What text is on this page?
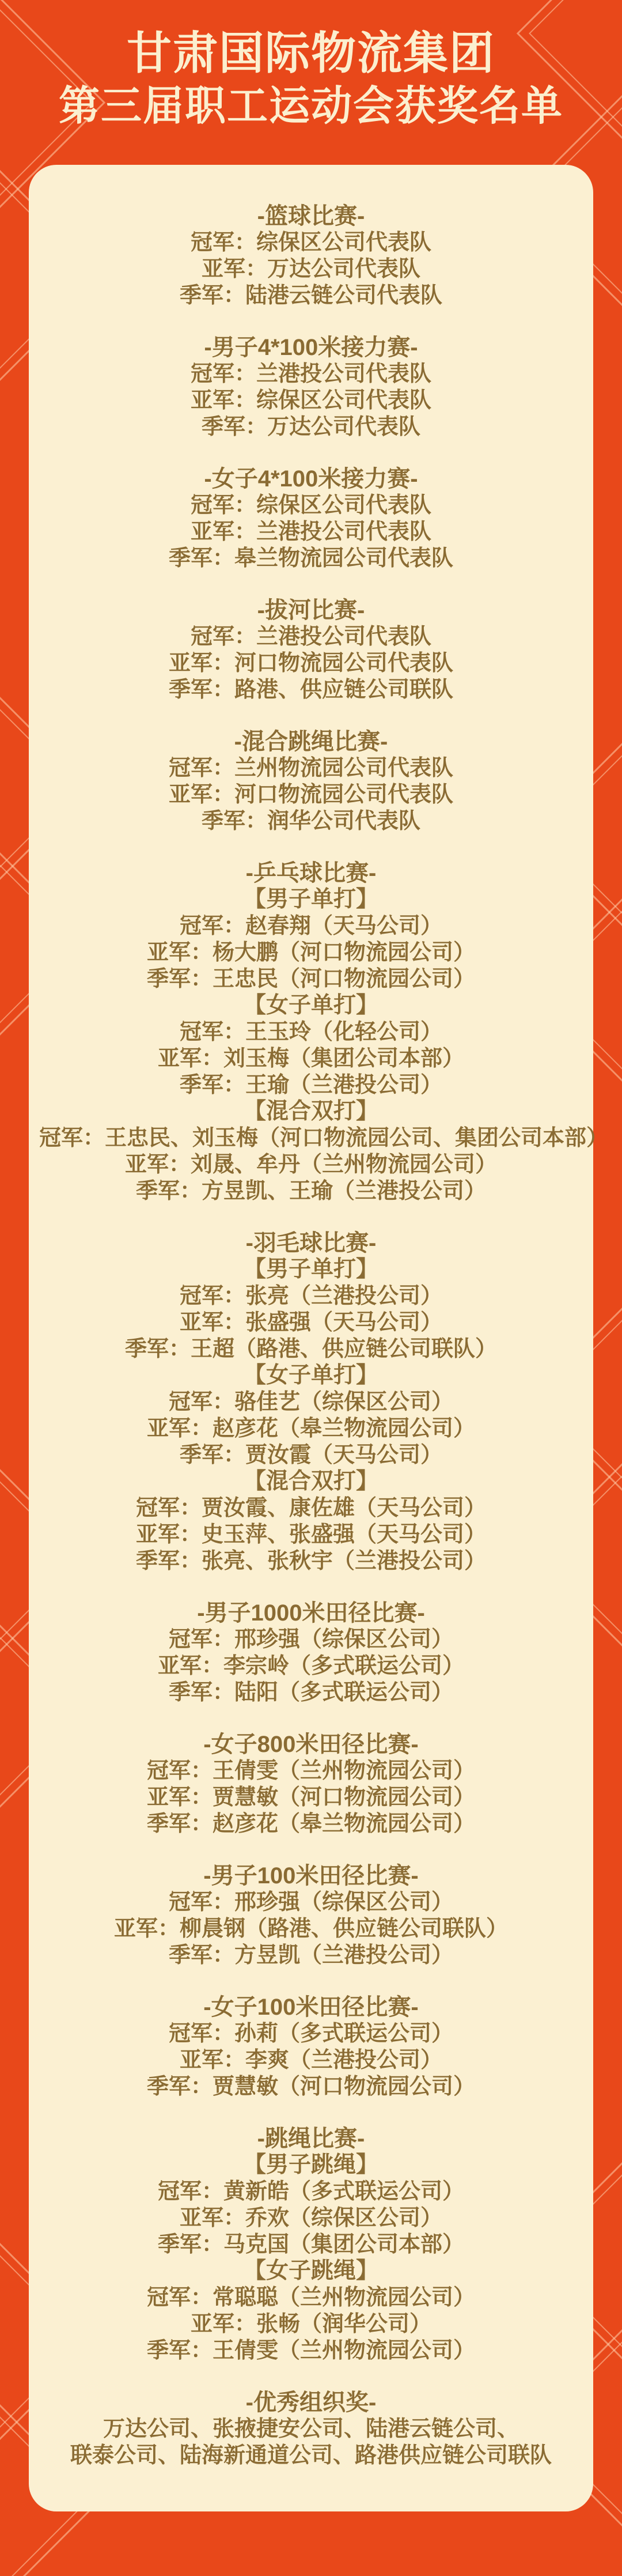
甘肃国际物流集团
第三届职工运动会获奖名单
-篮球比赛-
冠军：综保区公司代表队
亚军：万达公司代表队
季军：陆港云链公司代表队
-男子4*100米接力赛-
冠军：兰港投公司代表队
亚军：综保区公司代表队
季军：万达公司代表队
-女子4*100米接力赛-
冠军：综保区公司代表队
亚军：兰港投公司代表队
季军：皋兰物流园公司代表队
-拔河比赛-
冠军：兰港投公司代表队
亚军：河口物流园公司代表队
季军：路港、供应链公司联队
-混合跳绳比赛-
冠军：兰州物流园公司代表队
亚军：河口物流园公司代表队
季军：润华公司代表队
-乒乓球比赛-
【男子单打】
冠军：赵春翔（天马公司）
亚军：杨大鹏（河口物流园公司）
季军：王忠民（河口物流园公司）
【女子单打】
冠军：王玉玲（化轻公司）
亚军：刘玉梅（集团公司本部）
季军：王瑜（兰港投公司）
【混合双打】
冠军：王忠民、刘玉梅（河口物流园公司、集团公司本部）
亚军：刘晟、牟丹（兰州物流园公司）
季军：方昱凯、王瑜（兰港投公司）
-羽毛球比赛-
【男子单打】
冠军：张亮（兰港投公司）
亚军：张盛强（天马公司）
季军：王超（路港、供应链公司联队）
【女子单打】
冠军：骆佳艺（综保区公司）
亚军：赵彦花（皋兰物流园公司）
季军：贾汝霞（天马公司）
【混合双打】
冠军：贾汝霞、康佐雄（天马公司）
亚军：史玉萍、张盛强（天马公司）
季军：张亮、张秋宇（兰港投公司）
-男子1000米田径比赛-
冠军：邢珍强（综保区公司）
亚军：李宗岭（多式联运公司）
季军：陆阳（多式联运公司）
-女子800米田径比赛-
冠军：王倩雯（兰州物流园公司）
亚军：贾慧敏（河口物流园公司）
季军：赵彦花（皋兰物流园公司）
-男子100米田径比赛-
冠军：邢珍强（综保区公司）
亚军：柳晨钢（路港、供应链公司联队）
季军：方昱凯（兰港投公司）
-女子100米田径比赛-
冠军：孙莉（多式联运公司）
亚军：李爽（兰港投公司）
季军：贾慧敏（河口物流园公司）
-跳绳比赛-
【男子跳绳】
冠军：黄新皓（多式联运公司）
亚军：乔欢（综保区公司）
季军：马克国（集团公司本部）
【女子跳绳】
冠军：常聪聪（兰州物流园公司）
亚军：张畅（润华公司）
季军：王倩雯（兰州物流园公司）
-优秀组织奖-
万达公司、张掖捷安公司、陆港云链公司、
联泰公司、陆海新通道公司、路港供应链公司联队
